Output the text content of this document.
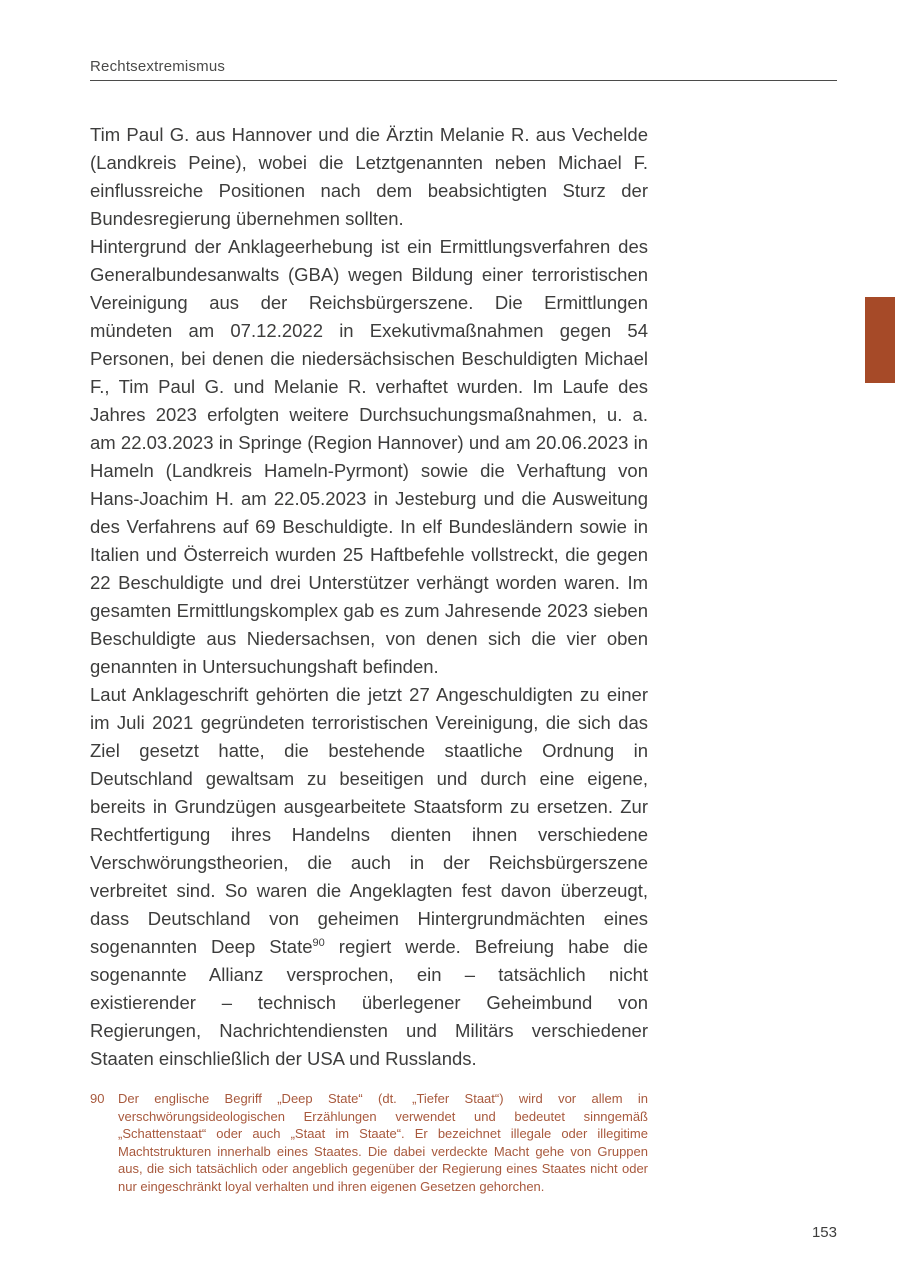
Rechtsextremismus

Tim Paul G. aus Hannover und die Ärztin Melanie R. aus Vechelde (Landkreis Peine), wobei die Letztgenannten neben Michael F. einflussreiche Positionen nach dem beabsichtigten Sturz der Bundesregierung übernehmen sollten.

Hintergrund der Anklageerhebung ist ein Ermittlungsverfahren des Generalbundesanwalts (GBA) wegen Bildung einer terroristischen Vereinigung aus der Reichsbürgerszene. Die Ermittlungen mündeten am 07.12.2022 in Exekutivmaßnahmen gegen 54 Personen, bei denen die niedersächsischen Beschuldigten Michael F., Tim Paul G. und Melanie R. verhaftet wurden. Im Laufe des Jahres 2023 erfolgten weitere Durchsuchungsmaßnahmen, u. a. am 22.03.2023 in Springe (Region Hannover) und am 20.06.2023 in Hameln (Landkreis Hameln-Pyrmont) sowie die Verhaftung von Hans-Joachim H. am 22.05.2023 in Jesteburg und die Ausweitung des Verfahrens auf 69 Beschuldigte. In elf Bundesländern sowie in Italien und Österreich wurden 25 Haftbefehle vollstreckt, die gegen 22 Beschuldigte und drei Unterstützer verhängt worden waren. Im gesamten Ermittlungskomplex gab es zum Jahresende 2023 sieben Beschuldigte aus Niedersachsen, von denen sich die vier oben genannten in Untersuchungshaft befinden.

Laut Anklageschrift gehörten die jetzt 27 Angeschuldigten zu einer im Juli 2021 gegründeten terroristischen Vereinigung, die sich das Ziel gesetzt hatte, die bestehende staatliche Ordnung in Deutschland gewaltsam zu beseitigen und durch eine eigene, bereits in Grundzügen ausgearbeitete Staatsform zu ersetzen. Zur Rechtfertigung ihres Handelns dienten ihnen verschiedene Verschwörungstheorien, die auch in der Reichsbürgerszene verbreitet sind. So waren die Angeklagten fest davon überzeugt, dass Deutschland von geheimen Hintergrundmächten eines sogenannten Deep State$^{90}$ regiert werde. Befreiung habe die sogenannte Allianz versprochen, ein – tatsächlich nicht existierender – technisch überlegener Geheimbund von Regierungen, Nachrichtendiensten und Militärs verschiedener Staaten einschließlich der USA und Russlands.

90	Der englische Begriff „Deep State“ (dt. „Tiefer Staat“) wird vor allem in verschwörungsideologischen Erzählungen verwendet und bedeutet sinngemäß „Schattenstaat“ oder auch „Staat im Staate“. Er bezeichnet illegale oder illegitime Machtstrukturen innerhalb eines Staates. Die dabei verdeckte Macht gehe von Gruppen aus, die sich tatsächlich oder angeblich gegenüber der Regierung eines Staates nicht oder nur eingeschränkt loyal verhalten und ihren eigenen Gesetzen gehorchen.
153
